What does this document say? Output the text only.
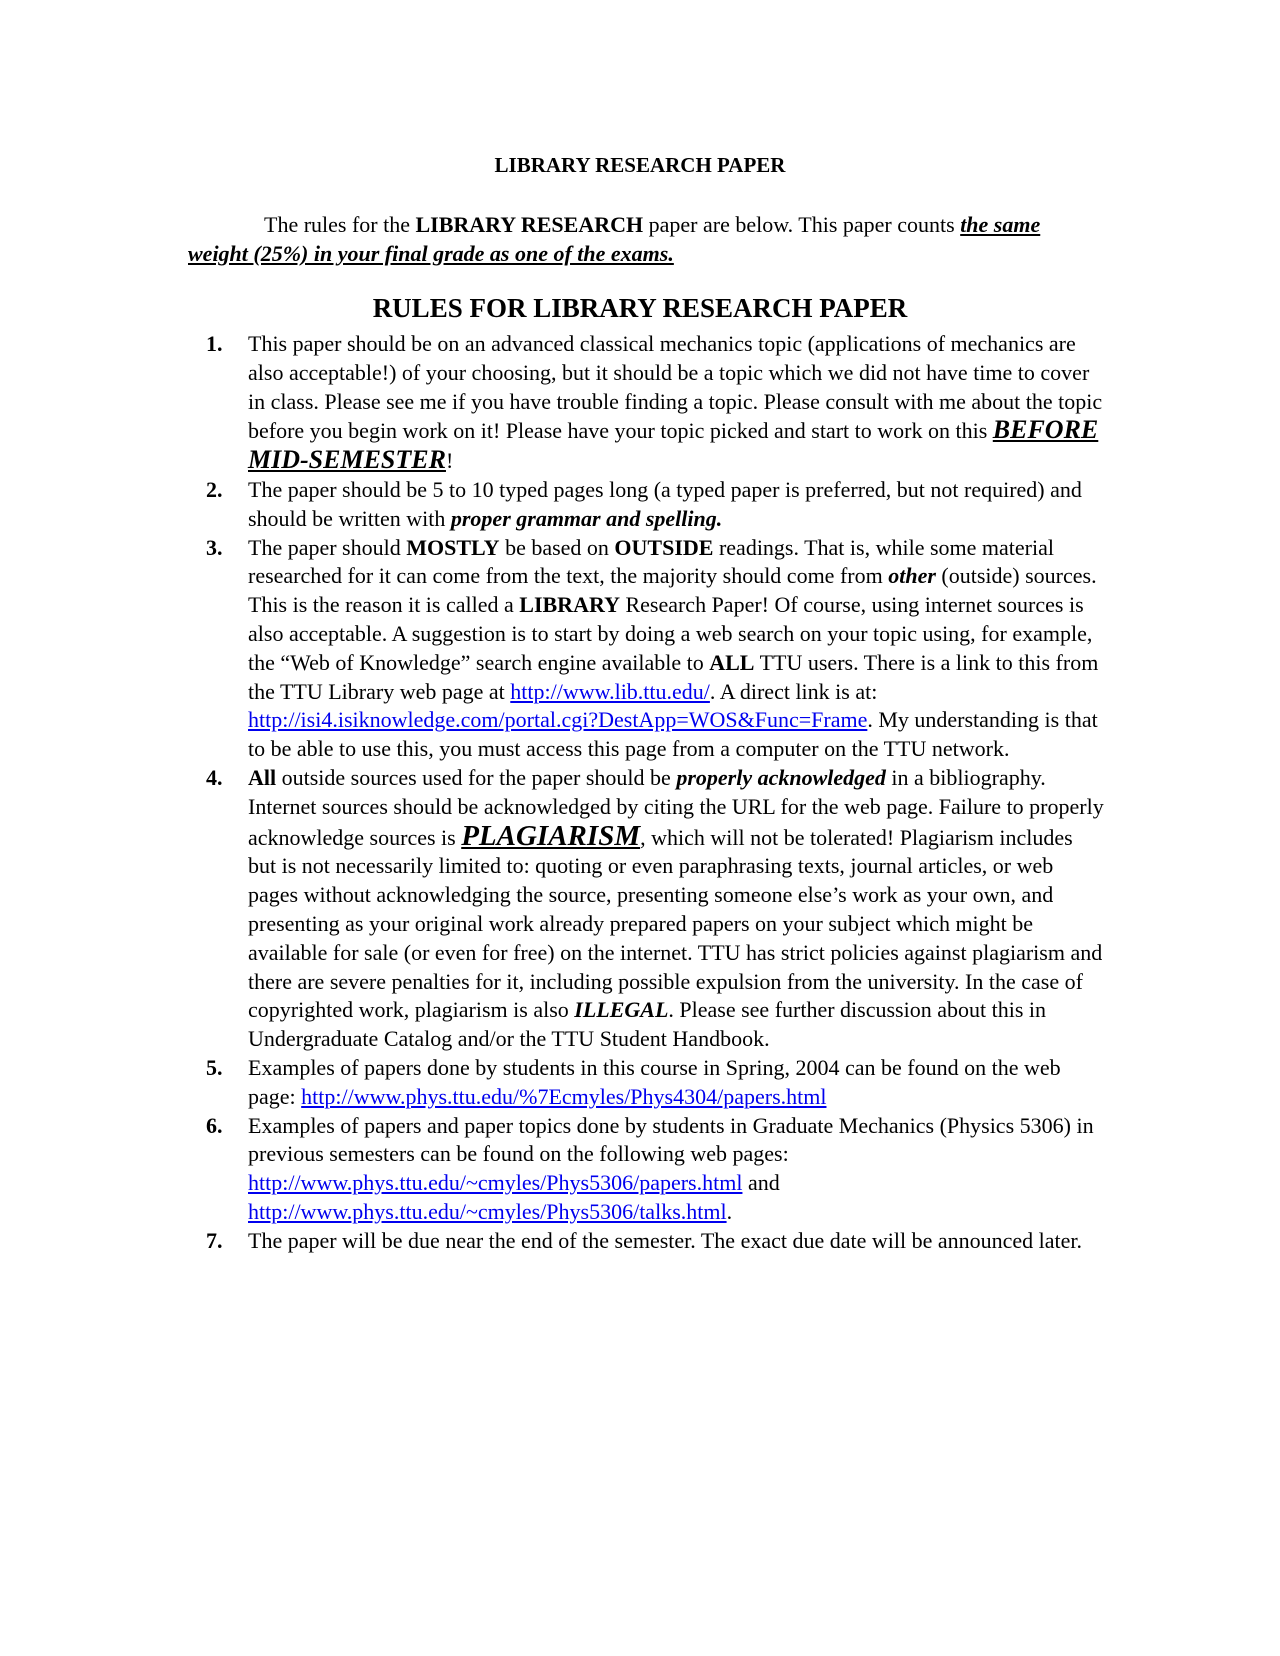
LIBRARY RESEARCH PAPER

The rules for the LIBRARY RESEARCH paper are below. This paper counts the same weight (25%) in your final grade as one of the exams.

RULES FOR LIBRARY RESEARCH PAPER
1. This paper should be on an advanced classical mechanics topic (applications of mechanics are also acceptable!) of your choosing, but it should be a topic which we did not have time to cover in class. Please see me if you have trouble finding a topic. Please consult with me about the topic before you begin work on it! Please have your topic picked and start to work on this BEFORE MID-SEMESTER!
2. The paper should be 5 to 10 typed pages long (a typed paper is preferred, but not required) and should be written with proper grammar and spelling.
3. The paper should MOSTLY be based on OUTSIDE readings. That is, while some material researched for it can come from the text, the majority should come from other (outside) sources. This is the reason it is called a LIBRARY Research Paper! Of course, using internet sources is also acceptable. A suggestion is to start by doing a web search on your topic using, for example, the “Web of Knowledge” search engine available to ALL TTU users. There is a link to this from the TTU Library web page at http://www.lib.ttu.edu/. A direct link is at: http://isi4.isiknowledge.com/portal.cgi?DestApp=WOS&Func=Frame. My understanding is that to be able to use this, you must access this page from a computer on the TTU network.
4. All outside sources used for the paper should be properly acknowledged in a bibliography. Internet sources should be acknowledged by citing the URL for the web page. Failure to properly acknowledge sources is PLAGIARISM, which will not be tolerated! Plagiarism includes but is not necessarily limited to: quoting or even paraphrasing texts, journal articles, or web pages without acknowledging the source, presenting someone else’s work as your own, and presenting as your original work already prepared papers on your subject which might be available for sale (or even for free) on the internet. TTU has strict policies against plagiarism and there are severe penalties for it, including possible expulsion from the university. In the case of copyrighted work, plagiarism is also ILLEGAL. Please see further discussion about this in Undergraduate Catalog and/or the TTU Student Handbook.
5. Examples of papers done by students in this course in Spring, 2004 can be found on the web page: http://www.phys.ttu.edu/%7Ecmyles/Phys4304/papers.html
6. Examples of papers and paper topics done by students in Graduate Mechanics (Physics 5306) in previous semesters can be found on the following web pages: http://www.phys.ttu.edu/~cmyles/Phys5306/papers.html and http://www.phys.ttu.edu/~cmyles/Phys5306/talks.html.
7. The paper will be due near the end of the semester. The exact due date will be announced later.
